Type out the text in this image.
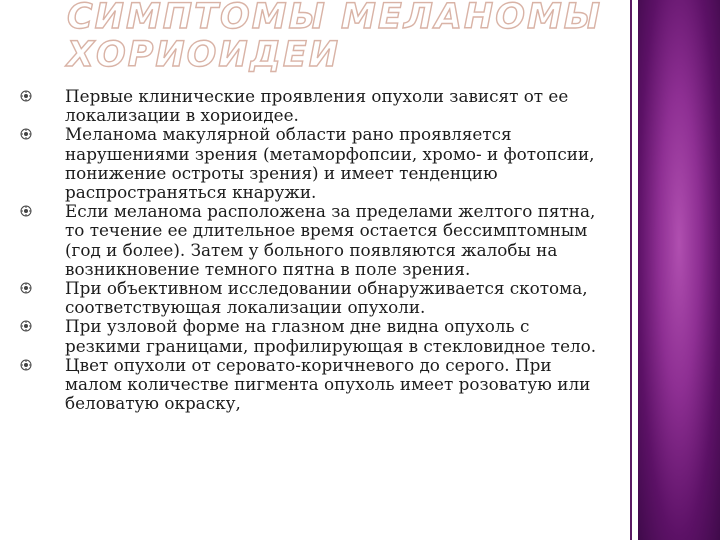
СИМПТОМЫ МЕЛАНОМЫ
ХОРИОИДЕИ
Первые клинические проявления опухоли зависят от ее локализации в хориоидее.
Меланома макулярной области рано проявляется нарушениями зрения (метаморфопсии, хромо- и фотопсии, понижение остроты зрения) и имеет тенденцию распространяться кнаружи.
Если меланома расположена за пределами желтого пятна, то течение ее длительное время остается бессимптомным (год и более). Затем у больного появляются жалобы на возникновение темного пятна в поле зрения.
При объективном исследовании обнаруживается скотома, соответствующая локализации опухоли.
При узловой форме на глазном дне видна опухоль с резкими границами, профилирующая в стекловидное тело.
Цвет опухоли от серовато-коричневого до серого. При малом количестве пигмента опухоль имеет розоватую или беловатую окраску,
